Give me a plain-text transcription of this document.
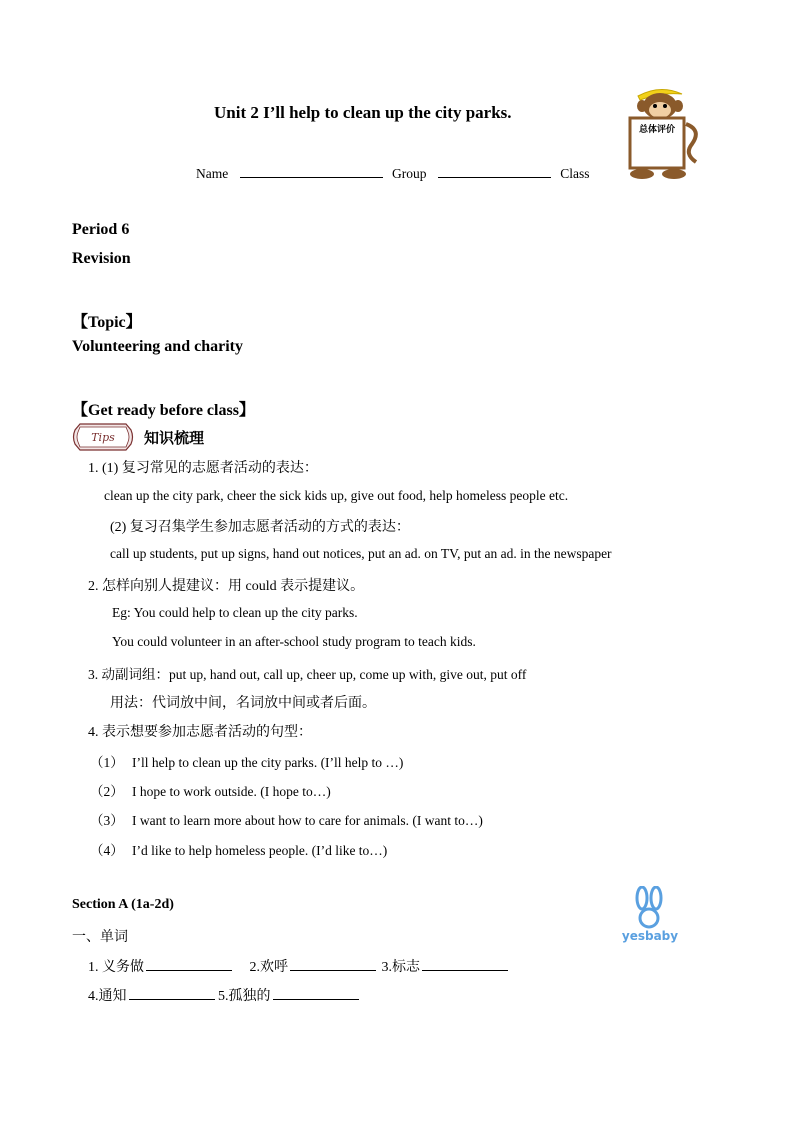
Unit 2 I’ll help to clean up the city parks.
Name	Group	Class
总体评价
Period 6
Revision
【Topic】
Volunteering and charity
【Get ready before class】
Tips 知识梳理
1. (1) 复习常见的志愿者活动的表达：
clean up the city park, cheer the sick kids up, give out food, help homeless people etc.
(2) 复习召集学生参加志愿者活动的方式的表达：
call up students, put up signs, hand out notices, put an ad. on TV, put an ad. in the newspaper
2. 怎样向别人提建议：用 could 表示提建议。
Eg: You could help to clean up the city parks.
You could volunteer in an after-school study program to teach kids.
3. 动副词组：put up, hand out, call up, cheer up, come up with, give out, put off
用法：代词放中间，名词放中间或者后面。
4. 表示想要参加志愿者活动的句型：
（1） I’ll help to clean up the city parks. (I’ll help to …)
（2） I hope to work outside. (I hope to…)
（3） I want to learn more about how to care for animals. (I want to…)
（4） I’d like to help homeless people. (I’d like to…)
Section A (1a-2d)
一、单词	yesbaby
1. 义务做	2.欢呼	3.标志
4.通知	5.孤独的
